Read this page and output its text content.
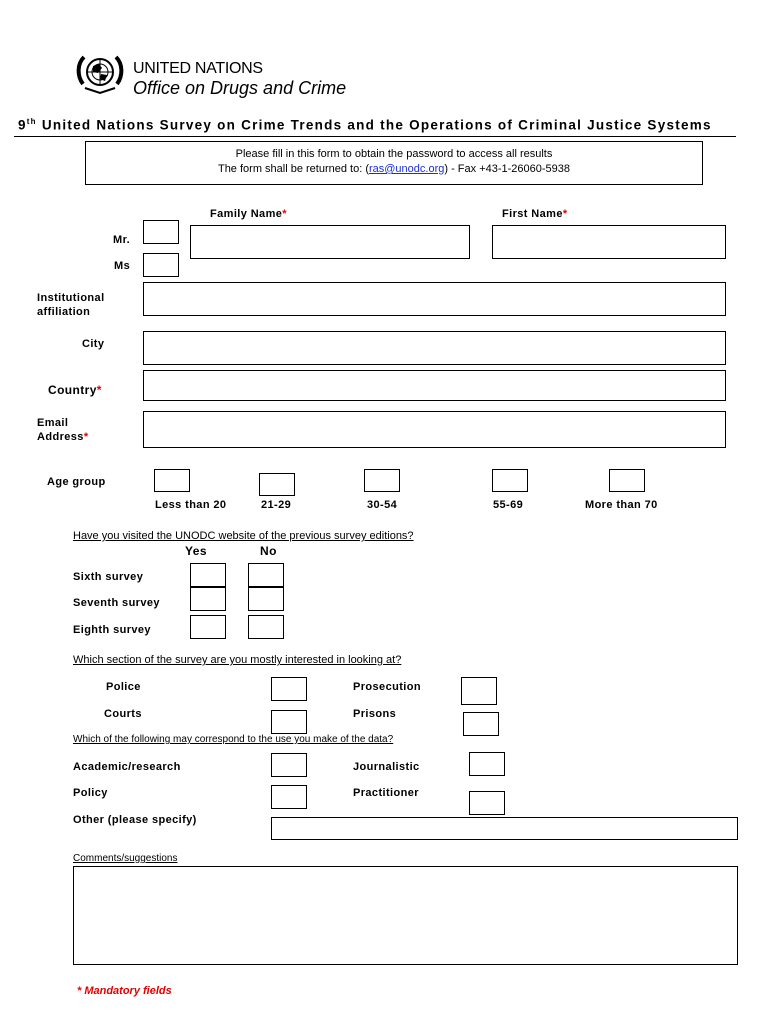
UNITED NATIONS
Office on Drugs and Crime
9th United Nations Survey on Crime Trends and the Operations of Criminal Justice Systems
Please fill in this form to obtain the password to access all results
The form shall be returned to: (ras@unodc.org) - Fax +43-1-26060-5938
Family Name*	First Name*
Mr.
Ms
Institutional
affiliation
City
Country*
Email
Address*
Age group
Less than 20	21-29	30-54	55-69	More than 70
Have you visited the UNODC website of the previous survey editions?
Yes	No
Sixth survey
Seventh survey
Eighth survey
Which section of the survey are you mostly interested in looking at?
Police	Prosecution
Courts	Prisons
Which of the following may correspond to the use you make of the data?
Academic/research	Journalistic
Policy	Practitioner
Other (please specify)
Comments/suggestions
* Mandatory fields
